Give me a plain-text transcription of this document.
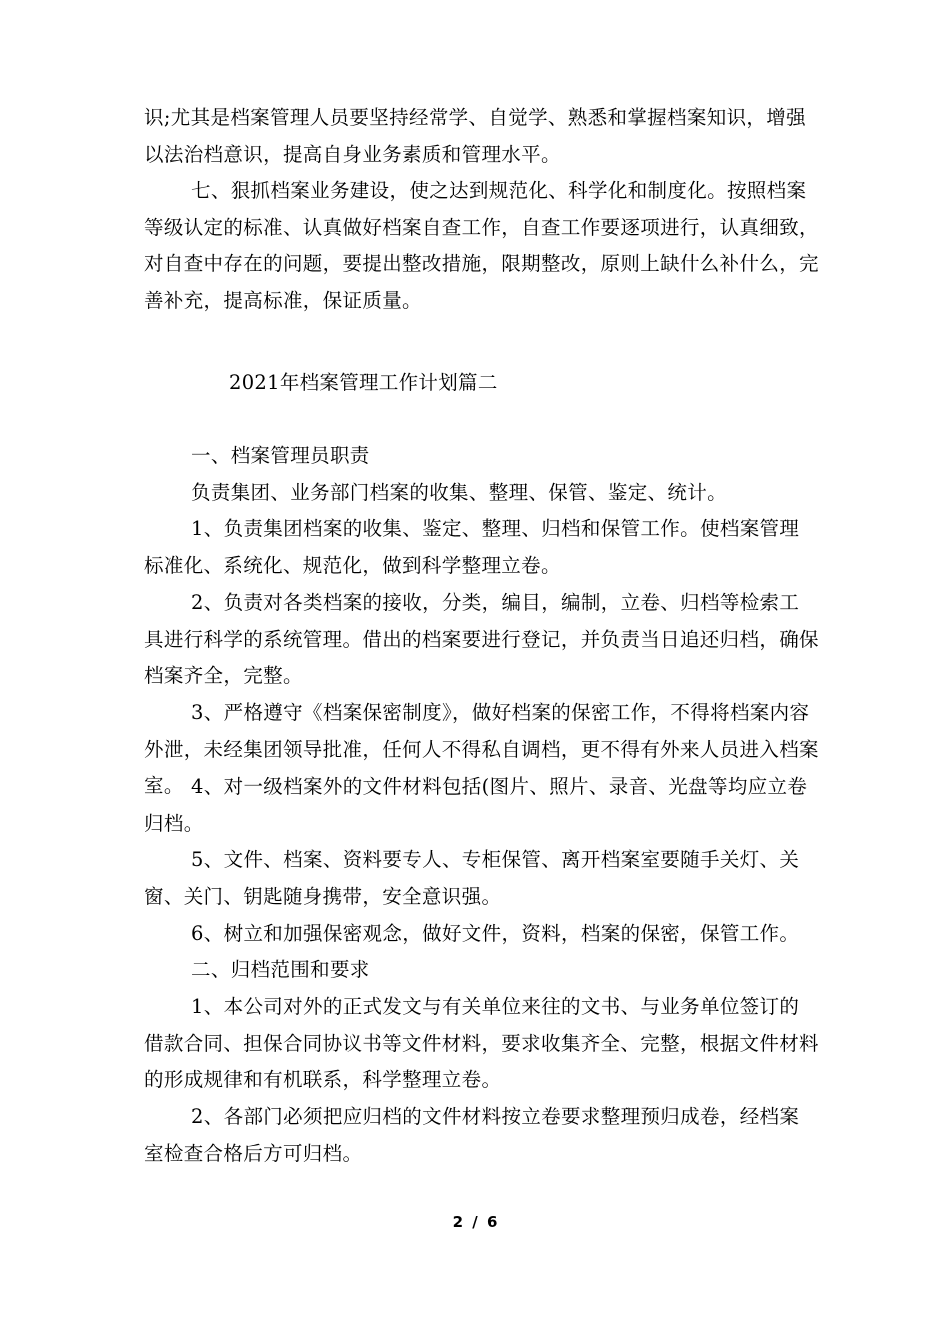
识;尤其是档案管理人员要坚持经常学、自觉学、熟悉和掌握档案知识，增强以法治档意识，提高自身业务素质和管理水平。

七、狠抓档案业务建设，使之达到规范化、科学化和制度化。按照档案等级认定的标准、认真做好档案自查工作，自查工作要逐项进行，认真细致，对自查中存在的问题，要提出整改措施，限期整改，原则上缺什么补什么，完善补充，提高标准，保证质量。

2021年档案管理工作计划篇二

一、档案管理员职责

负责集团、业务部门档案的收集、整理、保管、鉴定、统计。

1、负责集团档案的收集、鉴定、整理、归档和保管工作。使档案管理标准化、系统化、规范化，做到科学整理立卷。

2、负责对各类档案的接收，分类，编目，编制，立卷、归档等检索工具进行科学的系统管理。借出的档案要进行登记，并负责当日追还归档，确保档案齐全，完整。

3、严格遵守《档案保密制度》，做好档案的保密工作，不得将档案内容外泄，未经集团领导批准，任何人不得私自调档，更不得有外来人员进入档案室。 4、对一级档案外的文件材料包括(图片、照片、录音、光盘等均应立卷归档。

5、文件、档案、资料要专人、专柜保管、离开档案室要随手关灯、关窗、关门、钥匙随身携带，安全意识强。

6、树立和加强保密观念，做好文件，资料，档案的保密，保管工作。

二、归档范围和要求

1、本公司对外的正式发文与有关单位来往的文书、与业务单位签订的借款合同、担保合同协议书等文件材料，要求收集齐全、完整，根据文件材料的形成规律和有机联系，科学整理立卷。

2、各部门必须把应归档的文件材料按立卷要求整理预归成卷，经档案室检查合格后方可归档。

2 / 6
